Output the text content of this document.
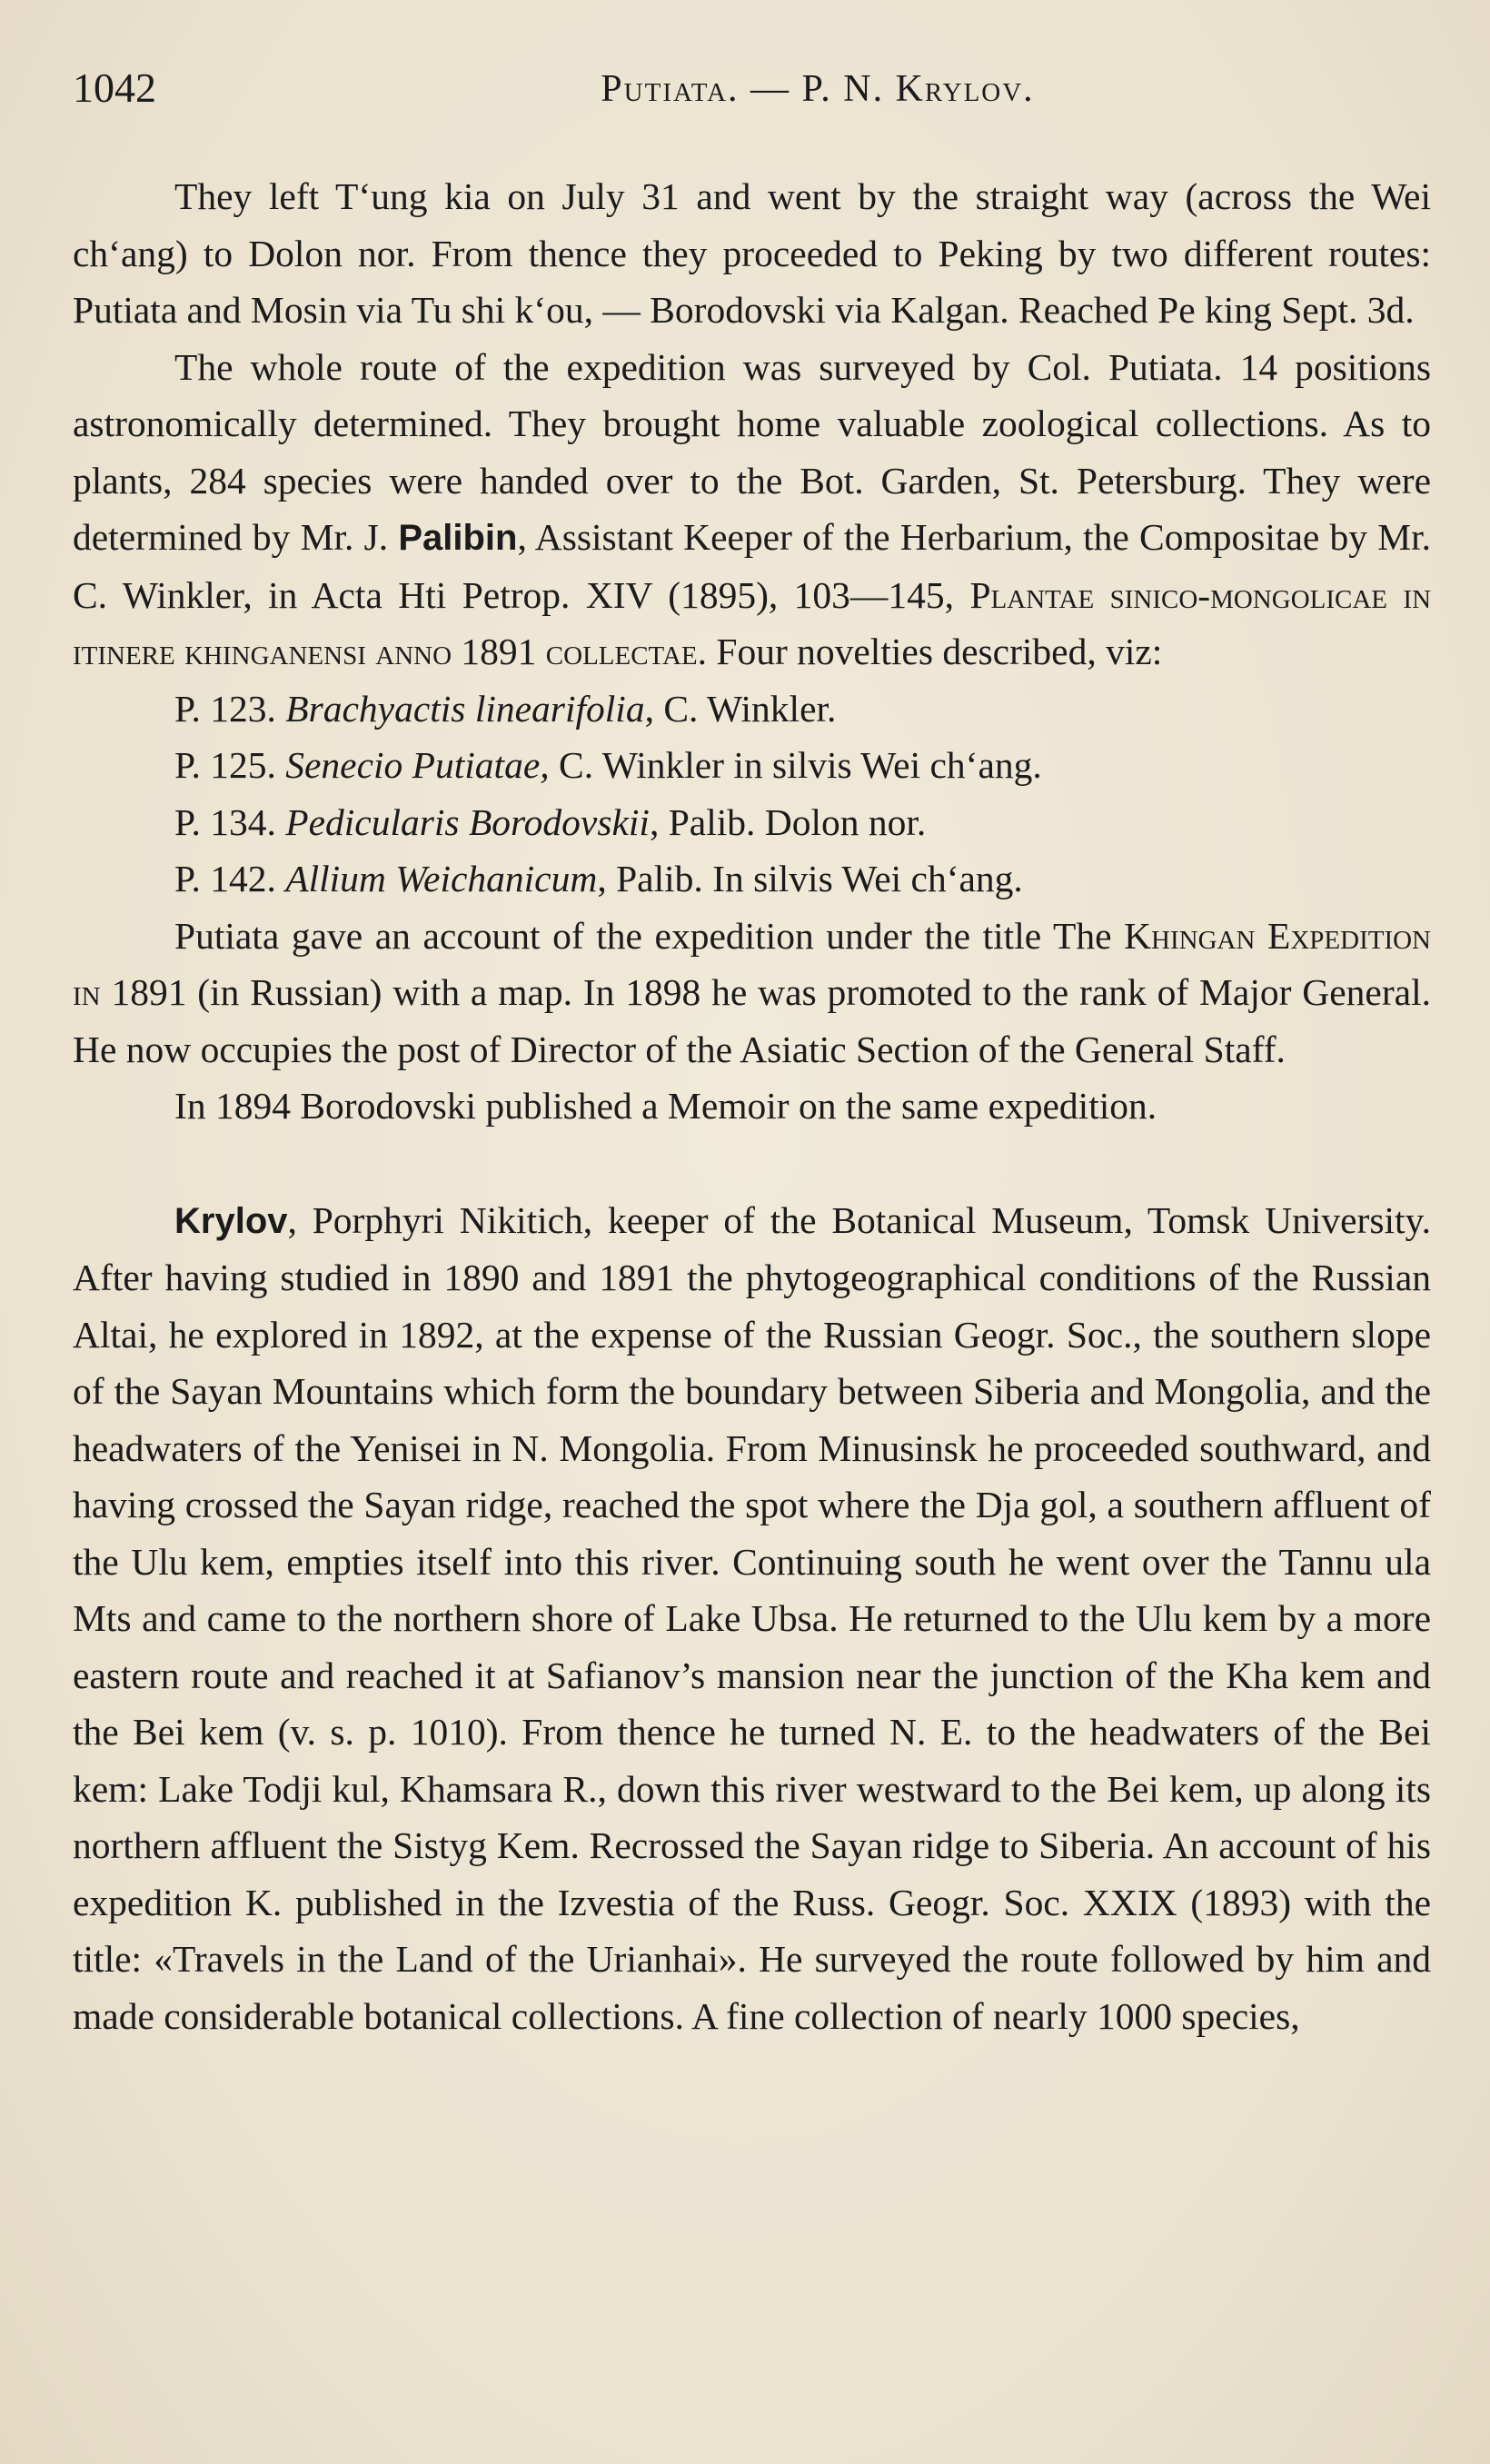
1042	Putiata. — P. N. Krylov.

They left Tʻung kia on July 31 and went by the straight way (across the Wei chʻang) to Dolon nor. From thence they proceeded to Peking by two different routes: Putiata and Mosin via Tu shi kʻou, — Borodovski via Kalgan. Reached Pe king Sept. 3d.

The whole route of the expedition was surveyed by Col. Putiata. 14 positions astronomically determined. They brought home valuable zoological collections. As to plants, 284 species were handed over to the Bot. Garden, St. Petersburg. They were determined by Mr. J. Palibin, Assistant Keeper of the Herbarium, the Compositae by Mr. C. Winkler, in Acta Hti Petrop. XIV (1895), 103—145, Plantae sinico-mongolicae in itinere khinganensi anno 1891 collectae. Four novelties described, viz:

P. 123. Brachyactis linearifolia, C. Winkler.

P. 125. Senecio Putiatae, C. Winkler in silvis Wei chʻang.

P. 134. Pedicularis Borodovskii, Palib. Dolon nor.

P. 142. Allium Weichanicum, Palib. In silvis Wei chʻang.

Putiata gave an account of the expedition under the title The Khingan Expedition in 1891 (in Russian) with a map. In 1898 he was promoted to the rank of Major General. He now occupies the post of Director of the Asiatic Section of the General Staff.

In 1894 Borodovski published a Memoir on the same expedition.

Krylov, Porphyri Nikitich, keeper of the Botanical Museum, Tomsk University. After having studied in 1890 and 1891 the phytogeographical conditions of the Russian Altai, he explored in 1892, at the expense of the Russian Geogr. Soc., the southern slope of the Sayan Mountains which form the boundary between Siberia and Mongolia, and the headwaters of the Yenisei in N. Mongolia. From Minusinsk he proceeded southward, and having crossed the Sayan ridge, reached the spot where the Dja gol, a southern affluent of the Ulu kem, empties itself into this river. Continuing south he went over the Tannu ula Mts and came to the northern shore of Lake Ubsa. He returned to the Ulu kem by a more eastern route and reached it at Safianov’s mansion near the junction of the Kha kem and the Bei kem (v. s. p. 1010). From thence he turned N. E. to the headwaters of the Bei kem: Lake Todji kul, Khamsara R., down this river westward to the Bei kem, up along its northern affluent the Sistyg Kem. Recrossed the Sayan ridge to Siberia. An account of his expedition K. published in the Izvestia of the Russ. Geogr. Soc. XXIX (1893) with the title: «Travels in the Land of the Urianhai». He surveyed the route followed by him and made considerable botanical collections. A fine collection of nearly 1000 species,
